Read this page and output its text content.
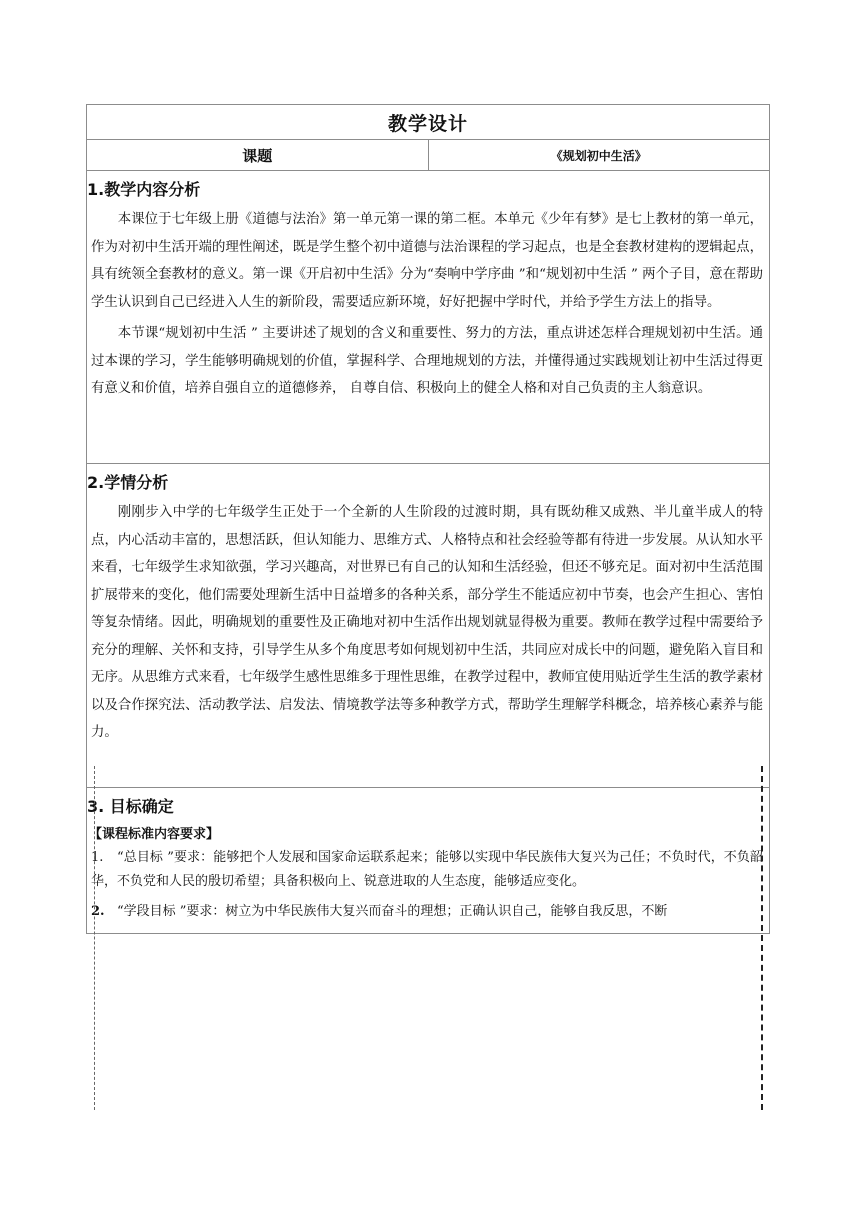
教学设计
课题	《规划初中生活》

1.教学内容分析

本课位于七年级上册《道德与法治》第一单元第一课的第二框。本单元《少年有梦》是七上教材的第一单元，作为对初中生活开端的理性阐述，既是学生整个初中道德与法治课程的学习起点，也是全套教材建构的逻辑起点，具有统领全套教材的意义。第一课《开启初中生活》分为“奏响中学序曲 ”和“规划初中生活 ” 两个子目，意在帮助学生认识到自己已经进入人生的新阶段，需要适应新环境，好好把握中学时代，并给予学生方法上的指导。

本节课“规划初中生活 ” 主要讲述了规划的含义和重要性、努力的方法，重点讲述怎样合理规划初中生活。通过本课的学习，学生能够明确规划的价值，掌握科学、合理地规划的方法，并懂得通过实践规划让初中生活过得更有意义和价值，培养自强自立的道德修养， 自尊自信、积极向上的健全人格和对自己负责的主人翁意识。

2.学情分析

刚刚步入中学的七年级学生正处于一个全新的人生阶段的过渡时期，具有既幼稚又成熟、半儿童半成人的特点，内心活动丰富的，思想活跃，但认知能力、思维方式、人格特点和社会经验等都有待进一步发展。从认知水平来看，七年级学生求知欲强，学习兴趣高，对世界已有自己的认知和生活经验，但还不够充足。面对初中生活范围扩展带来的变化，他们需要处理新生活中日益增多的各种关系，部分学生不能适应初中节奏，也会产生担心、害怕等复杂情绪。因此，明确规划的重要性及正确地对初中生活作出规划就显得极为重要。教师在教学过程中需要给予充分的理解、关怀和支持，引导学生从多个角度思考如何规划初中生活，共同应对成长中的问题，避免陷入盲目和无序。从思维方式来看，七年级学生感性思维多于理性思维，在教学过程中，教师宜使用贴近学生生活的教学素材以及合作探究法、活动教学法、启发法、情境教学法等多种教学方式，帮助学生理解学科概念，培养核心素养与能力。

3. 目标确定
【课程标准内容要求】

1. “总目标 ”要求：能够把个人发展和国家命运联系起来；能够以实现中华民族伟大复兴为己任；不负时代，不负韶华，不负党和人民的殷切希望；具备积极向上、锐意进取的人生态度，能够适应变化。

2. “学段目标 ”要求：树立为中华民族伟大复兴而奋斗的理想；正确认识自己，能够自我反思，不断
